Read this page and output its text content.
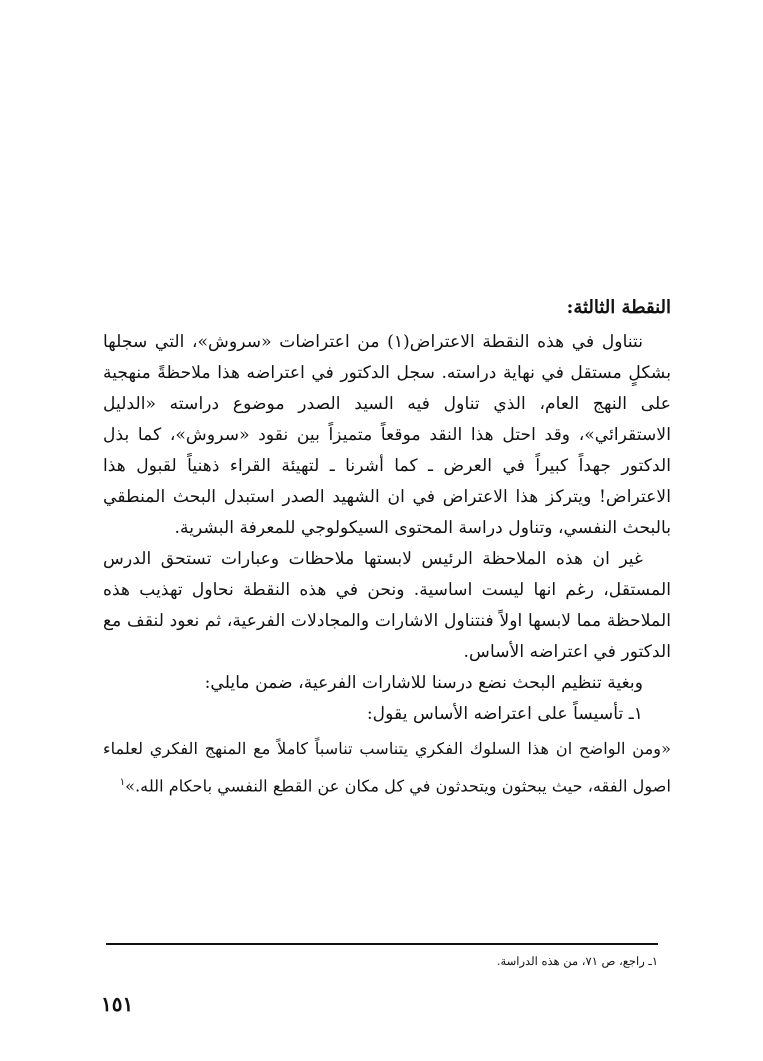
النقطة الثالثة:

نتناول في هذه النقطة الاعتراض(١) من اعتراضات «سروش»، التي سجلها بشكلٍ مستقل في نهاية دراسته. سجل الدكتور في اعتراضه هذا ملاحظةً منهجية على النهج العام، الذي تناول فيه السيد الصدر موضوع دراسته «الدليل الاستقرائي»، وقد احتل هذا النقد موقعاً متميزاً بين نقود «سروش»، كما بذل الدكتور جهداً كبيراً في العرض ـ كما أشرنا ـ لتهيئة القراء ذهنياً لقبول هذا الاعتراض! ويتركز هذا الاعتراض في ان الشهيد الصدر استبدل البحث المنطقي بالبحث النفسي، وتناول دراسة المحتوى السيكولوجي للمعرفة البشرية.

غير ان هذه الملاحظة الرئيس لابستها ملاحظات وعبارات تستحق الدرس المستقل، رغم انها ليست اساسية. ونحن في هذه النقطة نحاول تهذيب هذه الملاحظة مما لابسها اولاً فنتناول الاشارات والمجادلات الفرعية، ثم نعود لنقف مع الدكتور في اعتراضه الأساس.

وبغية تنظيم البحث نضع درسنا للاشارات الفرعية، ضمن مايلي:

١ـ تأسيساً على اعتراضه الأساس يقول:

«ومن الواضح ان هذا السلوك الفكري يتناسب تناسباً كاملاً مع المنهج الفكري لعلماء اصول الفقه، حيث يبحثون ويتحدثون في كل مكان عن القطع النفسي باحكام الله.»$^١$

١ـ راجع، ص ٧١، من هذه الدراسة.
١٥١
